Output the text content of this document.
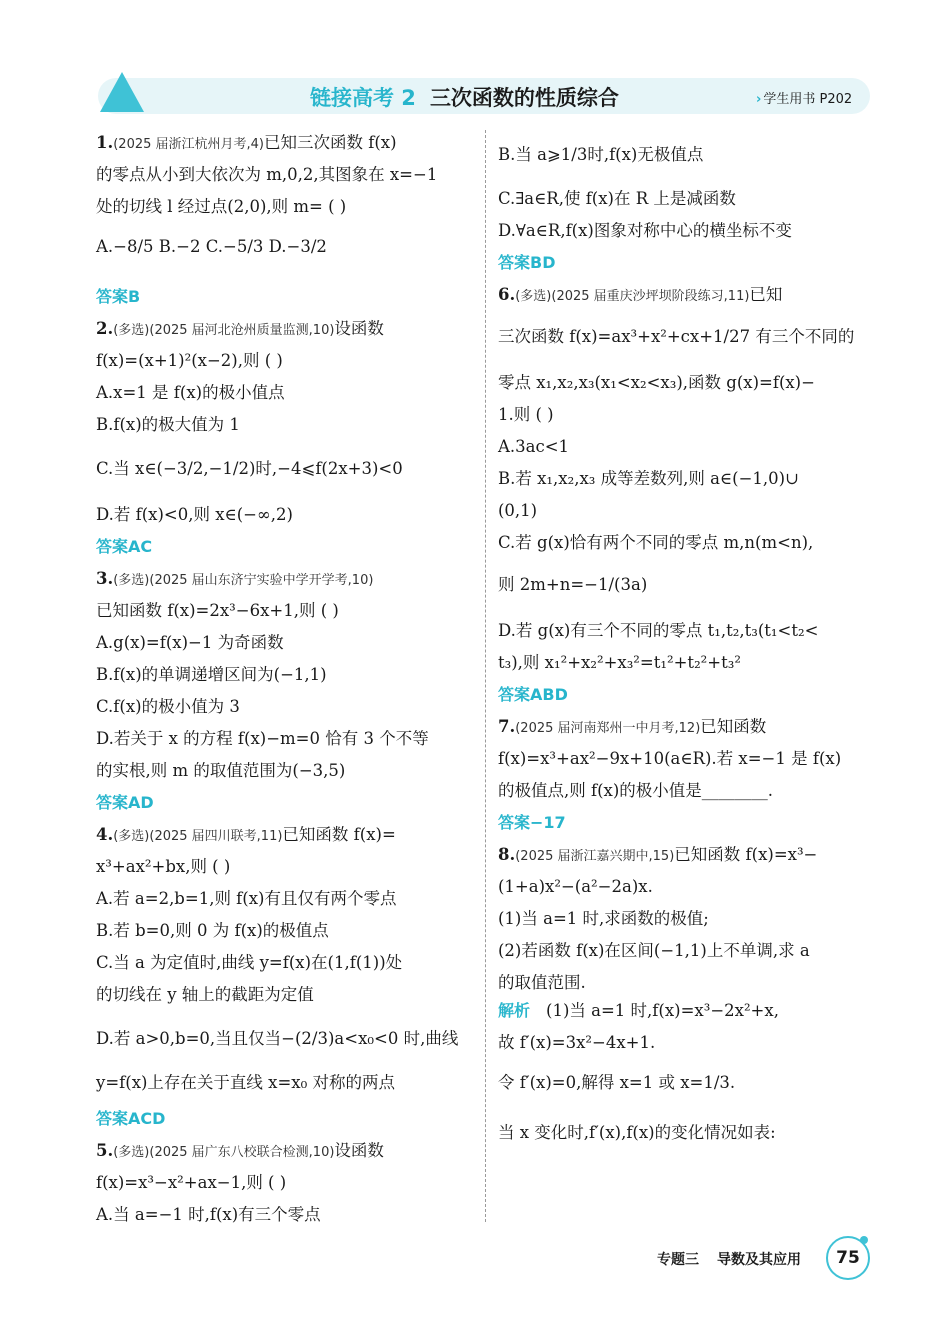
链接高考 2 三次函数的性质综合	› 学生用书 P202
1.(2025 届浙江杭州月考,4)已知三次函数 f(x)
的零点从小到大依次为 m,0,2,其图象在 x=−1
处的切线 l 经过点(2,0),则 m= ( )
A.−8/5 B.−2 C.−5/3 D.−3/2
答案B
2.(多选)(2025 届河北沧州质量监测,10)设函数
f(x)=(x+1)²(x−2),则 ( )
A.x=1 是 f(x)的极小值点
B.f(x)的极大值为 1
C.当 x∈(−3/2,−1/2)时,−4⩽f(2x+3)<0
D.若 f(x)<0,则 x∈(−∞,2)
答案AC
3.(多选)(2025 届山东济宁实验中学开学考,10)
已知函数 f(x)=2x³−6x+1,则 ( )
A.g(x)=f(x)−1 为奇函数
B.f(x)的单调递增区间为(−1,1)
C.f(x)的极小值为 3
D.若关于 x 的方程 f(x)−m=0 恰有 3 个不等
的实根,则 m 的取值范围为(−3,5)
答案AD
4.(多选)(2025 届四川联考,11)已知函数 f(x)=
x³+ax²+bx,则 ( )
A.若 a=2,b=1,则 f(x)有且仅有两个零点
B.若 b=0,则 0 为 f(x)的极值点
C.当 a 为定值时,曲线 y=f(x)在(1,f(1))处
的切线在 y 轴上的截距为定值
D.若 a>0,b=0,当且仅当−(2/3)a<x₀<0 时,曲线
y=f(x)上存在关于直线 x=x₀ 对称的两点
答案ACD
5.(多选)(2025 届广东八校联合检测,10)设函数
f(x)=x³−x²+ax−1,则 ( )
A.当 a=−1 时,f(x)有三个零点
B.当 a⩾1/3时,f(x)无极值点
C.∃a∈R,使 f(x)在 R 上是减函数
D.∀a∈R,f(x)图象对称中心的横坐标不变
答案BD
6.(多选)(2025 届重庆沙坪坝阶段练习,11)已知
三次函数 f(x)=ax³+x²+cx+1/27 有三个不同的
零点 x₁,x₂,x₃(x₁<x₂<x₃),函数 g(x)=f(x)−
1.则 ( )
A.3ac<1
B.若 x₁,x₂,x₃ 成等差数列,则 a∈(−1,0)∪
(0,1)
C.若 g(x)恰有两个不同的零点 m,n(m<n),
则 2m+n=−1/(3a)
D.若 g(x)有三个不同的零点 t₁,t₂,t₃(t₁<t₂<
t₃),则 x₁²+x₂²+x₃²=t₁²+t₂²+t₃²
答案ABD
7.(2025 届河南郑州一中月考,12)已知函数
f(x)=x³+ax²−9x+10(a∈R).若 x=−1 是 f(x)
的极值点,则 f(x)的极小值是________.
答案−17
8.(2025 届浙江嘉兴期中,15)已知函数 f(x)=x³−
(1+a)x²−(a²−2a)x.
(1)当 a=1 时,求函数的极值;
(2)若函数 f(x)在区间(−1,1)上不单调,求 a
的取值范围.
解析 (1)当 a=1 时,f(x)=x³−2x²+x,
故 f′(x)=3x²−4x+1.
令 f′(x)=0,解得 x=1 或 x=1/3.
当 x 变化时,f′(x),f(x)的变化情况如表:
专题三 导数及其应用	75
